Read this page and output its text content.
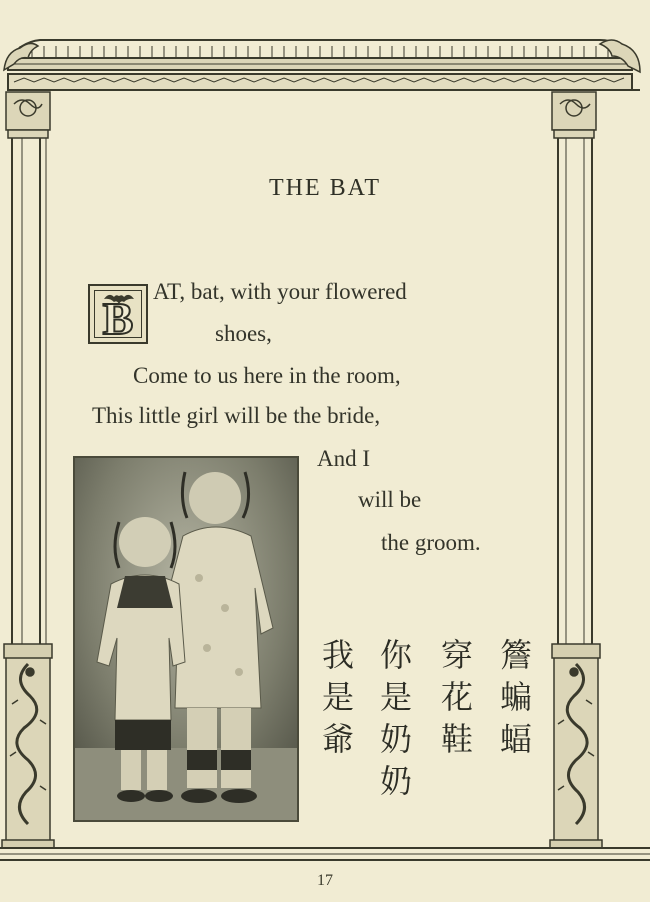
THE BAT
B
AT, bat, with your flowered
shoes,
Come to us here in the room,
This little girl will be the bride,
And I
will be
the groom.
簷蝙蝠
穿花鞋
你是奶奶
我是爺
17
